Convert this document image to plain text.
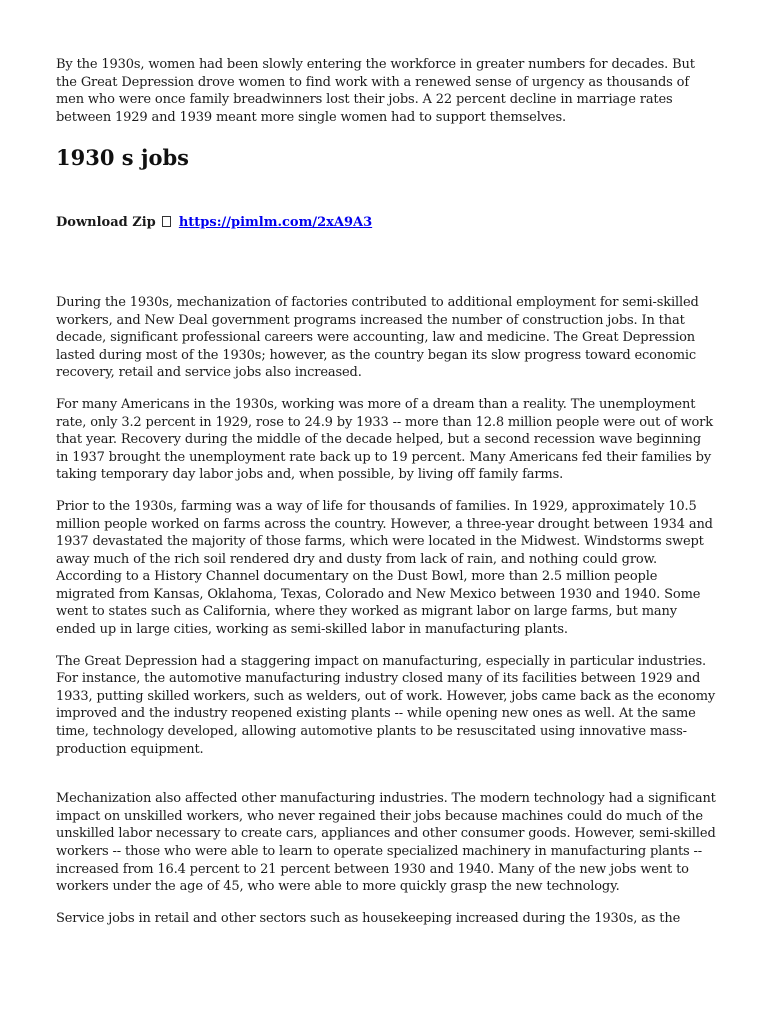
By the 1930s, women had been slowly entering the workforce in greater numbers for decades. But the Great Depression drove women to find work with a renewed sense of urgency as thousands of men who were once family breadwinners lost their jobs. A 22 percent decline in marriage rates between 1929 and 1939 meant more single women had to support themselves.

1930 s jobs
Download Zip https://pimlm.com/2xA9A3

During the 1930s, mechanization of factories contributed to additional employment for semi-skilled workers, and New Deal government programs increased the number of construction jobs. In that decade, significant professional careers were accounting, law and medicine. The Great Depression lasted during most of the 1930s; however, as the country began its slow progress toward economic recovery, retail and service jobs also increased.

For many Americans in the 1930s, working was more of a dream than a reality. The unemployment rate, only 3.2 percent in 1929, rose to 24.9 by 1933 -- more than 12.8 million people were out of work that year. Recovery during the middle of the decade helped, but a second recession wave beginning in 1937 brought the unemployment rate back up to 19 percent. Many Americans fed their families by taking temporary day labor jobs and, when possible, by living off family farms.

Prior to the 1930s, farming was a way of life for thousands of families. In 1929, approximately 10.5 million people worked on farms across the country. However, a three-year drought between 1934 and 1937 devastated the majority of those farms, which were located in the Midwest. Windstorms swept away much of the rich soil rendered dry and dusty from lack of rain, and nothing could grow. According to a History Channel documentary on the Dust Bowl, more than 2.5 million people migrated from Kansas, Oklahoma, Texas, Colorado and New Mexico between 1930 and 1940. Some went to states such as California, where they worked as migrant labor on large farms, but many ended up in large cities, working as semi-skilled labor in manufacturing plants.

The Great Depression had a staggering impact on manufacturing, especially in particular industries. For instance, the automotive manufacturing industry closed many of its facilities between 1929 and 1933, putting skilled workers, such as welders, out of work. However, jobs came back as the economy improved and the industry reopened existing plants -- while opening new ones as well. At the same time, technology developed, allowing automotive plants to be resuscitated using innovative mass-production equipment.

Mechanization also affected other manufacturing industries. The modern technology had a significant impact on unskilled workers, who never regained their jobs because machines could do much of the unskilled labor necessary to create cars, appliances and other consumer goods. However, semi-skilled workers -- those who were able to learn to operate specialized machinery in manufacturing plants -- increased from 16.4 percent to 21 percent between 1930 and 1940. Many of the new jobs went to workers under the age of 45, who were able to more quickly grasp the new technology.

Service jobs in retail and other sectors such as housekeeping increased during the 1930s, as the
